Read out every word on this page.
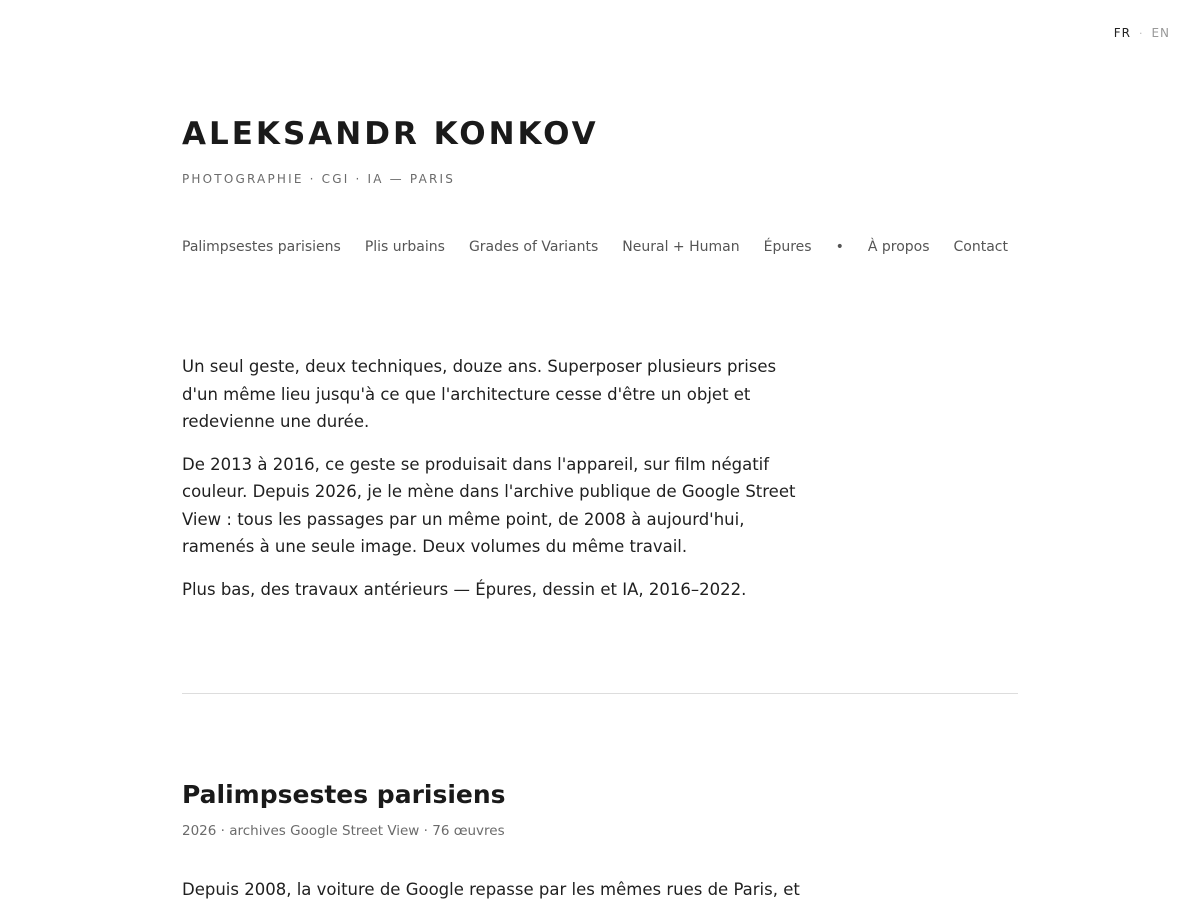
FR · EN
ALEKSANDR KONKOV
PHOTOGRAPHIE · CGI · IA — PARIS
Palimpsestes parisiens Plis urbains Grades of Variants Neural + Human Épures • À propos Contact

Un seul geste, deux techniques, douze ans. Superposer plusieurs prises d'un même lieu jusqu'à ce que l'architecture cesse d'être un objet et redevienne une durée.

De 2013 à 2016, ce geste se produisait dans l'appareil, sur film négatif couleur. Depuis 2026, je le mène dans l'archive publique de Google Street View : tous les passages par un même point, de 2008 à aujourd'hui, ramenés à une seule image. Deux volumes du même travail.

Plus bas, des travaux antérieurs — Épures, dessin et IA, 2016–2022.

Palimpsestes parisiens
2026 · archives Google Street View · 76 œuvres
Depuis 2008, la voiture de Google repasse par les mêmes rues de Paris, et
